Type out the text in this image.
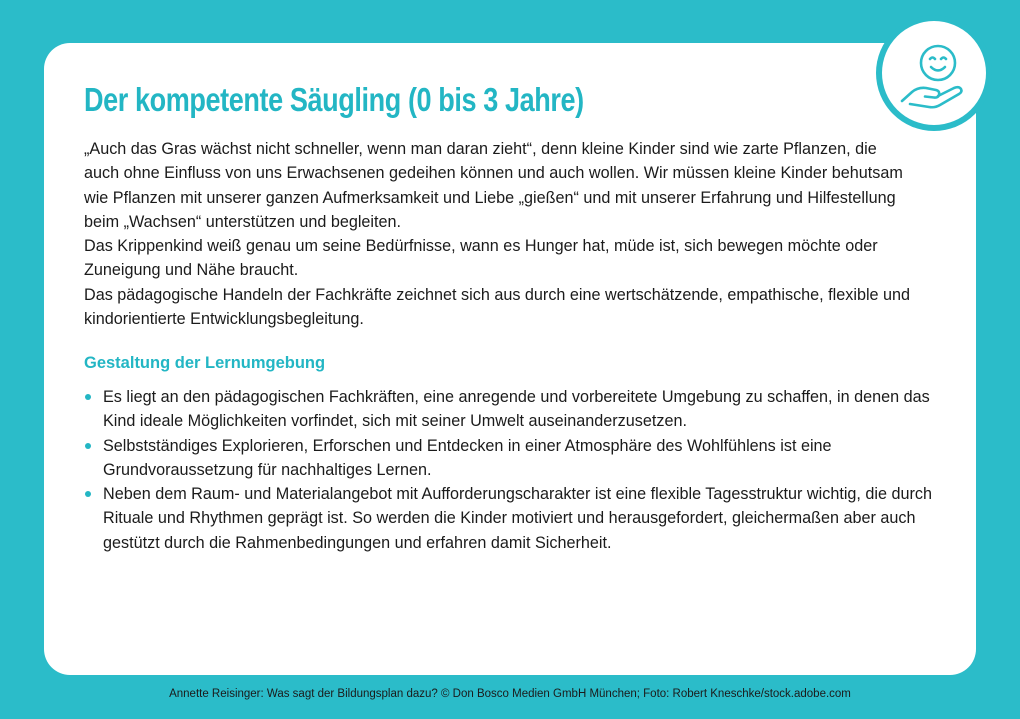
Der kompetente Säugling (0 bis 3 Jahre)

„Auch das Gras wächst nicht schneller, wenn man daran zieht“, denn kleine Kinder sind wie zarte Pflanzen, die auch ohne Einfluss von uns Erwachsenen gedeihen können und auch wollen. Wir müssen kleine Kinder behutsam wie Pflanzen mit unserer ganzen Aufmerksamkeit und Liebe „gießen“ und mit unserer Erfahrung und Hilfestellung beim „Wachsen“ unterstützen und begleiten.

Das Krippenkind weiß genau um seine Bedürfnisse, wann es Hunger hat, müde ist, sich bewegen möchte oder Zuneigung und Nähe braucht.

Das pädagogische Handeln der Fachkräfte zeichnet sich aus durch eine wertschätzende, empathische, flexible und kindorientierte Entwicklungsbegleitung.

Gestaltung der Lernumgebung
Es liegt an den pädagogischen Fachkräften, eine anregende und vorbereitete Umgebung zu schaffen, in denen das Kind ideale Möglichkeiten vorfindet, sich mit seiner Umwelt auseinanderzusetzen.
Selbstständiges Explorieren, Erforschen und Entdecken in einer Atmosphäre des Wohlfühlens ist eine Grundvoraussetzung für nachhaltiges Lernen.
Neben dem Raum- und Materialangebot mit Aufforderungscharakter ist eine flexible Tagesstruktur wichtig, die durch Rituale und Rhythmen geprägt ist. So werden die Kinder motiviert und herausgefordert, gleichermaßen aber auch gestützt durch die Rahmenbedingungen und erfahren damit Sicherheit.
Annette Reisinger: Was sagt der Bildungsplan dazu? © Don Bosco Medien GmbH München; Foto: Robert Kneschke/stock.adobe.com
